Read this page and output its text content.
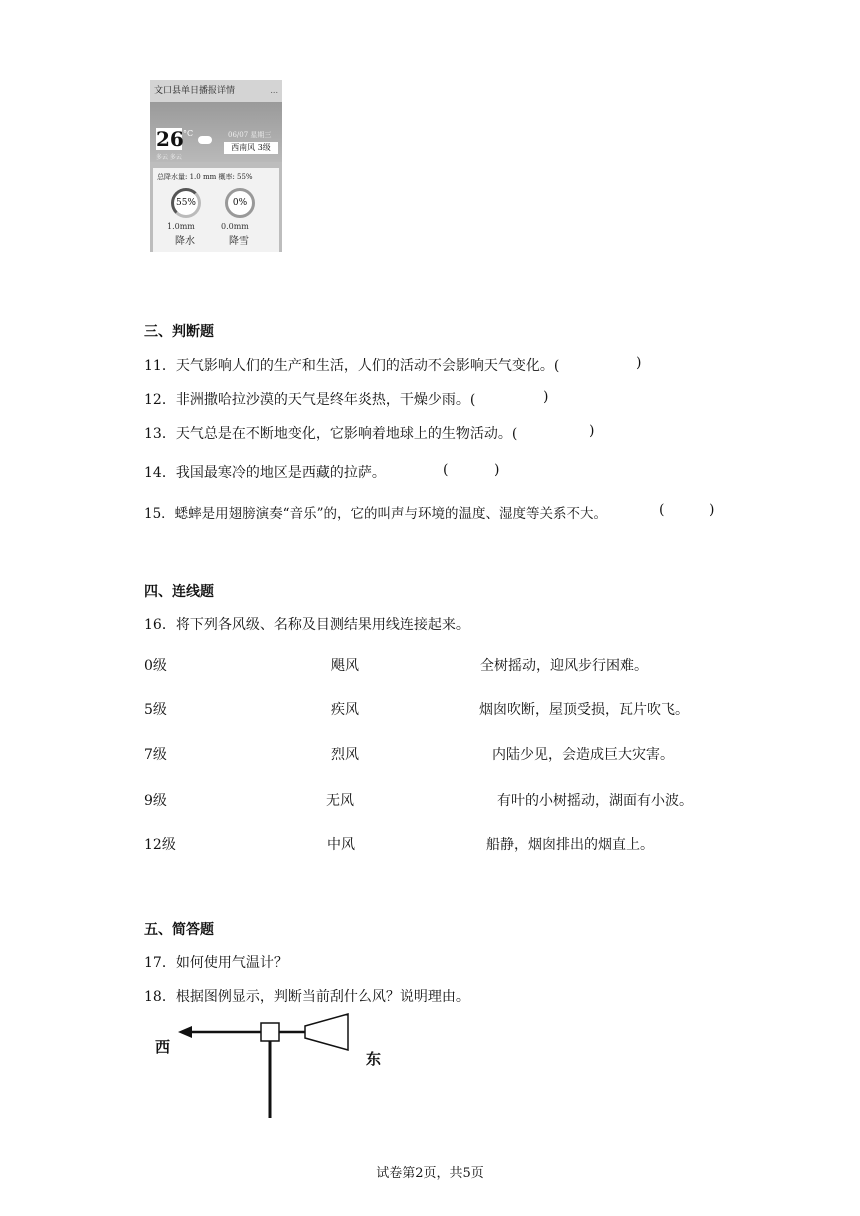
文口县单日播报详情	...
26 °C	06/07 星期三
西南风 3级
多云 多云
总降水量: 1.0 mm 概率: 55%
55%	0%
1.0mm	0.0mm
降水	降雪
三、判断题
11．天气影响人们的生产和生活，人们的活动不会影响天气变化。(	)
12．非洲撒哈拉沙漠的天气是终年炎热，干燥少雨。(	)
13．天气总是在不断地变化，它影响着地球上的生物活动。(	)
14．我国最寒冷的地区是西藏的拉萨。	(	)
15．蟋蟀是用翅膀演奏“音乐”的，它的叫声与环境的温度、湿度等关系不大。	(	)
四、连线题
16．将下列各风级、名称及目测结果用线连接起来。
0级	飓风	全树摇动，迎风步行困难。
5级	疾风	烟囱吹断，屋顶受损，瓦片吹飞。
7级	烈风	内陆少见，会造成巨大灾害。
9级	无风	有叶的小树摇动，湖面有小波。
12级	中风	船静，烟囱排出的烟直上。
五、简答题
17．如何使用气温计？
18．根据图例显示，判断当前刮什么风？说明理由。
西
东
试卷第2页，共5页
